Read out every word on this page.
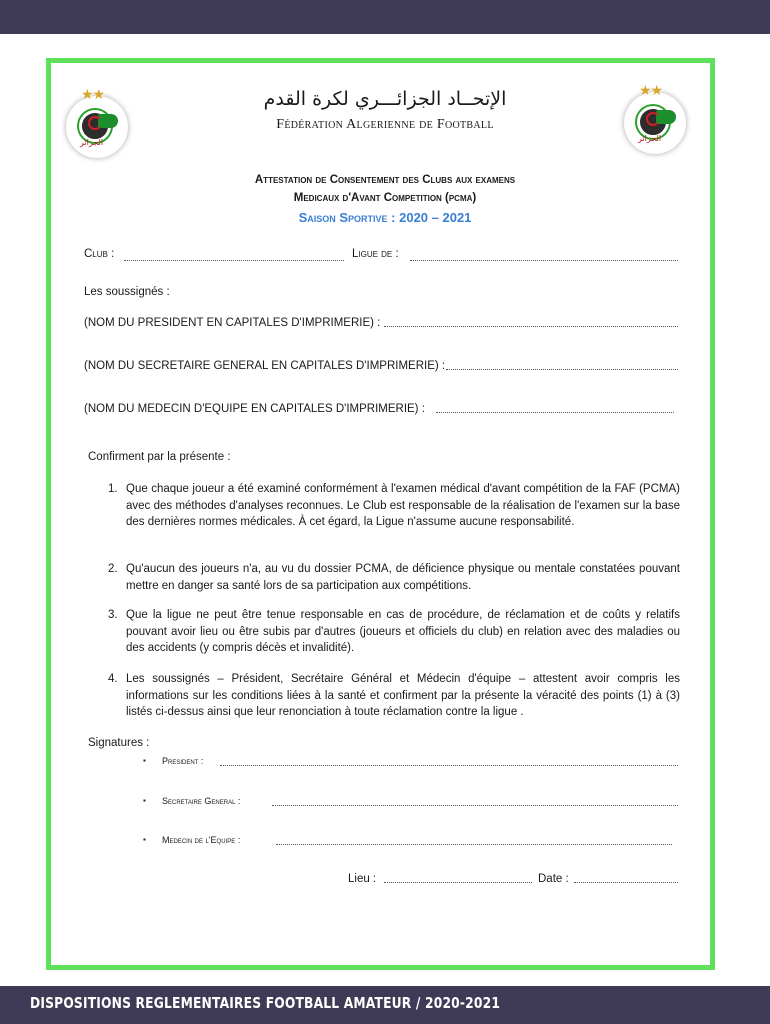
★★
الجزائر
★★
الجزائر
الإتحــاد الجزائـــري لكرة القدم
Fédération Algerienne de Football
Attestation de Consentement des Clubs aux examens
Medicaux d'Avant Competition (pcma)
Saison Sportive : 2020 – 2021
Club :	Ligue de :
Les soussignés :
(NOM DU PRESIDENT EN CAPITALES D'IMPRIMERIE) :
(NOM DU SECRETAIRE GENERAL EN CAPITALES D'IMPRIMERIE) :
(NOM DU MEDECIN D'EQUIPE EN CAPITALES D'IMPRIMERIE) :
Confirment par la présente :
1. Que chaque joueur a été examiné conformément à l'examen médical d'avant compétition de la FAF (PCMA) avec des méthodes d'analyses reconnues. Le Club est responsable de la réalisation de l'examen sur la base des dernières normes médicales. À cet égard, la Ligue n'assume aucune responsabilité.
2. Qu'aucun des joueurs n'a, au vu du dossier PCMA, de déficience physique ou mentale constatées pouvant mettre en danger sa santé lors de sa participation aux compétitions.
3. Que la ligue ne peut être tenue responsable en cas de procédure, de réclamation et de coûts y relatifs pouvant avoir lieu ou être subis par d'autres (joueurs et officiels du club) en relation avec des maladies ou des accidents (y compris décès et invalidité).
4. Les soussignés – Président, Secrétaire Général et Médecin d'équipe – attestent avoir compris les informations sur les conditions liées à la santé et confirment par la présente la véracité des points (1) à (3) listés ci-dessus ainsi que leur renonciation à toute réclamation contre la ligue .
Signatures :
▪ President :
▪ Secretaire General :
▪ Medecin de l'Equipe :
Lieu :	Date :
DISPOSITIONS REGLEMENTAIRES FOOTBALL AMATEUR / 2020-2021
